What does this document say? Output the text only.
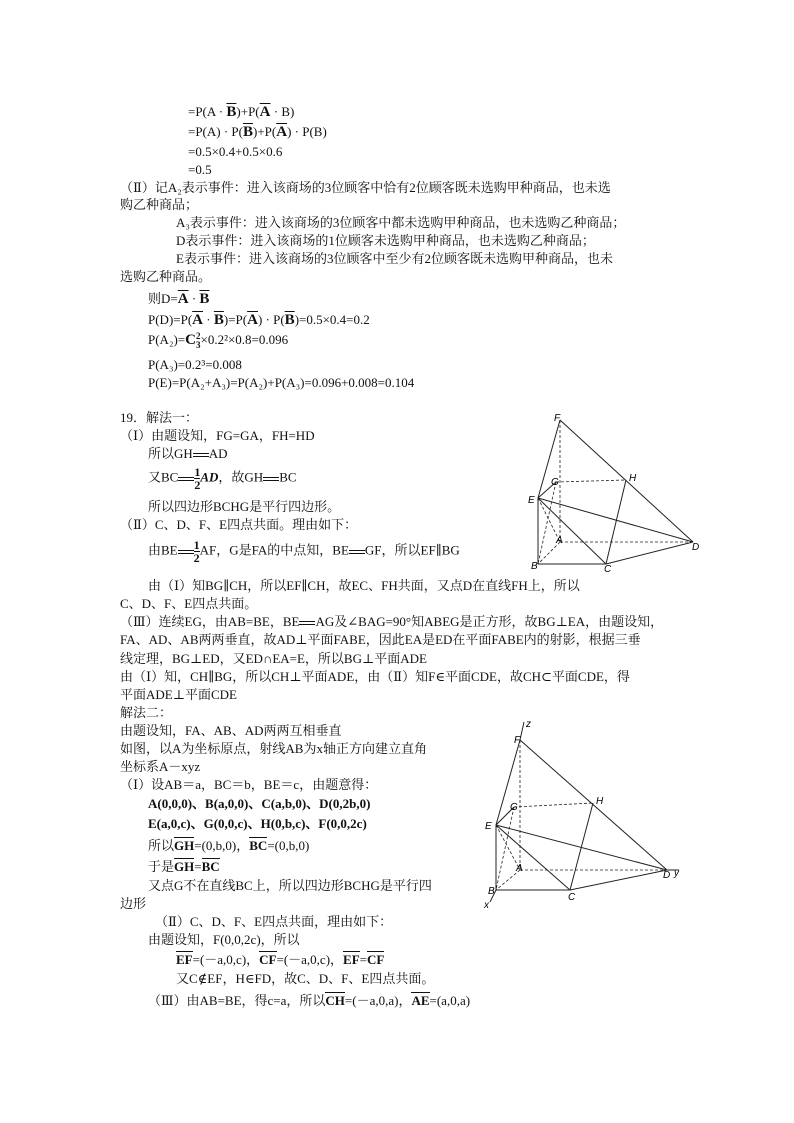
$=P(A \cdot \overline{B})+P(\overline{A} \cdot B)$
$=P(A) \cdot P(\overline{B})+P(\overline{A}) \cdot P(B)$
=0.5×0.4+0.5×0.6
=0.5
（Ⅱ）记A₂表示事件：进入该商场的3位顾客中恰有2位顾客既未选购甲种商品，也未选
购乙种商品；
A₃表示事件：进入该商场的3位顾客中都未选购甲种商品，也未选购乙种商品；
D表示事件：进入该商场的1位顾客未选购甲种商品，也未选购乙种商品；
E表示事件：进入该商场的3位顾客中至少有2位顾客既未选购甲种商品，也未
选购乙种商品。
则$D=\overline{A} \cdot \overline{B}$
$P(D)=P(\overline{A} \cdot \overline{B})=P(\overline{A}) \cdot P(\overline{B})=0.5\times 0.4=0.2$
P(A₂)=C 2
3 ×0.2²×0.8=0.096
P(A₃)=0.2³=0.008
P(E)=P(A₂+A₃)=P(A₂)+P(A₃)=0.096+0.008=0.104
19．解法一：
（Ⅰ）由题设知，FG=GA，FH=HD
所以GH AD
又BC $\frac{1}{2}$ AD，故GH BC
所以四边形BCHG是平行四边形。
（Ⅱ）C、D、F、E四点共面。理由如下：
由BE $\frac{1}{2}$ AF，G是FA的中点知，BE GF，所以EF∥BG
由（Ⅰ）知BG∥CH，所以EF∥CH，故EC、FH共面，又点D在直线FH上，所以
C、D、F、E四点共面。
（Ⅲ）连续EG，由AB=BE，BE AG及∠BAG=90°知ABEG是正方形，故BG⊥EA，由题设知，
FA、AD、AB两两垂直，故AD⊥平面FABE，因此EA是ED在平面FABE内的射影，根据三垂
线定理，BG⊥ED，又ED∩EA=E，所以BG⊥平面ADE
由（Ⅰ）知，CH∥BG，所以CH⊥平面ADE，由（Ⅱ）知F∈平面CDE，故CH⊂平面CDE，得
平面ADE⊥平面CDE
解法二：
由题设知，FA、AB、AD两两互相垂直
如图，以A为坐标原点，射线AB为x轴正方向建立直角
坐标系A－xyz
（Ⅰ）设AB＝a，BC＝b，BE＝c，由题意得：
A(0,0,0)、B(a,0,0)、C(a,b,0)、D(0,2b,0)
E(a,0,c)、G(0,0,c)、H(0,b,c)、F(0,0,2c)
所以GH=(0,b,0)，BC=(0,b,0)
于是GH=BC
又点G不在直线BC上，所以四边形BCHG是平行四
边形
（Ⅱ）C、D、F、E四点共面，理由如下：
由题设知，F(0,0,2c)，所以
EF=(－a,0,c)，CF=(－a,0,c)，EF=CF
又C∉EF，H∈FD，故C、D、F、E四点共面。
（Ⅲ）由AB=BE，得c=a，所以CH=(－a,0,a)，AE=(a,0,a)
F
H
G
E
A
B	C
D
z
F
H
G
E
A
B
C
D y
x
